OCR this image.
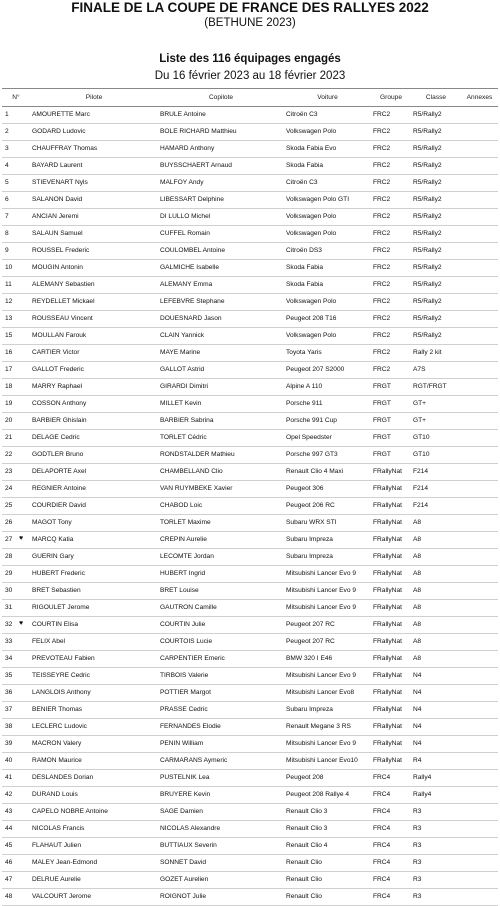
FINALE DE LA COUPE DE FRANCE DES RALLYES 2022
(BETHUNE 2023)
Liste des 116 équipages engagés
Du 16 février 2023 au 18 février 2023
N°	Pilote	Copilote	Voiture	Groupe	Classe	Annexes
1	AMOURETTE Marc	BRULE Antoine	Citroën C3	FRC2	R5/Rally2	
2	GODARD Ludovic	BOLE RICHARD Matthieu	Volkswagen Polo	FRC2	R5/Rally2	
3	CHAUFFRAY Thomas	HAMARD Anthony	Skoda Fabia Evo	FRC2	R5/Rally2	
4	BAYARD Laurent	BUYSSCHAERT Arnaud	Skoda Fabia	FRC2	R5/Rally2	
5	STIEVENART Nyls	MALFOY Andy	Citroën C3	FRC2	R5/Rally2	
6	SALANON David	LIBESSART Delphine	Volkswagen Polo GTI	FRC2	R5/Rally2	
7	ANCIAN Jeremi	DI LULLO Michel	Volkswagen Polo	FRC2	R5/Rally2	
8	SALAUN Samuel	CUFFEL Romain	Volkswagen Polo	FRC2	R5/Rally2	
9	ROUSSEL Frederic	COULOMBEL Antoine	Citroën DS3	FRC2	R5/Rally2	
10	MOUGIN Antonin	GALMICHE Isabelle	Skoda Fabia	FRC2	R5/Rally2	
11	ALEMANY Sebastien	ALEMANY Emma	Skoda Fabia	FRC2	R5/Rally2	
12	REYDELLET Mickael	LEFEBVRE Stephane	Volkswagen Polo	FRC2	R5/Rally2	
13	ROUSSEAU Vincent	DOUESNARD Jason	Peugeot 208 T16	FRC2	R5/Rally2	
15	MOULLAN Farouk	CLAIN Yannick	Volkswagen Polo	FRC2	R5/Rally2	
16	CARTIER Victor	MAYE Marine	Toyota Yaris	FRC2	Rally 2 kit	
17	GALLOT Frederic	GALLOT Astrid	Peugeot 207 S2000	FRC2	A7S	
18	MARRY Raphael	GIRARDI Dimitri	Alpine A 110	FRGT	RGT/FRGT	
19	COSSON Anthony	MILLET Kevin	Porsche 911	FRGT	GT+	
20	BARBIER Ghislain	BARBIER Sabrina	Porsche 991 Cup	FRGT	GT+	
21	DELAGE Cedric	TORLET Cédric	Opel Speedster	FRGT	GT10	
22	GODTLER Bruno	RONDSTALDER Mathieu	Porsche 997 GT3	FRGT	GT10	
23	DELAPORTE Axel	CHAMBELLAND Clio	Renault Clio 4 Maxi	FRallyNat	F214	
24	REGNIER Antoine	VAN RUYMBEKE Xavier	Peugeot 306	FRallyNat	F214	
25	COURDIER David	CHABOD Loic	Peugeot 206 RC	FRallyNat	F214	
26	MAGOT Tony	TORLET Maxime	Subaru WRX STI	FRallyNat	A8	
27 ♥	MARCQ Katia	CREPIN Aurelie	Subaru Impreza	FRallyNat	A8	
28	GUERIN Gary	LECOMTE Jordan	Subaru Impreza	FRallyNat	A8	
29	HUBERT Frederic	HUBERT Ingrid	Mitsubishi Lancer Evo 9	FRallyNat	A8	
30	BRET Sebastien	BRET Louise	Mitsubishi Lancer Evo 9	FRallyNat	A8	
31	RIGOULET Jerome	GAUTRON Camille	Mitsubishi Lancer Evo 9	FRallyNat	A8	
32 ♥	COURTIN Elisa	COURTIN Julie	Peugeot 207 RC	FRallyNat	A8	
33	FELIX Abel	COURTOIS Lucie	Peugeot 207 RC	FRallyNat	A8	
34	PREVOTEAU Fabien	CARPENTIER Emeric	BMW 320 I E46	FRallyNat	A8	
35	TEISSEYRE Cedric	TIRBOIS Valerie	Mitsubishi Lancer Evo 9	FRallyNat	N4	
36	LANGLOIS Anthony	POTTIER Margot	Mitsubishi Lancer Evo8	FRallyNat	N4	
37	BENIER Thomas	PRASSE Cedric	Subaru Impreza	FRallyNat	N4	
38	LECLERC Ludovic	FERNANDES Elodie	Renault Megane 3 RS	FRallyNat	N4	
39	MACRON Valery	PENIN William	Mitsubishi Lancer Evo 9	FRallyNat	N4	
40	RAMON Maurice	CARMARANS Aymeric	Mitsubishi Lancer Evo10	FRallyNat	R4	
41	DESLANDES Dorian	PUSTELNIK Lea	Peugeot 208	FRC4	Rally4	
42	DURAND Louis	BRUYERE Kevin	Peugeot 208 Rallye 4	FRC4	Rally4	
43	CAPELO NOBRE Antoine	SAGE Damien	Renault Clio 3	FRC4	R3	
44	NICOLAS Francis	NICOLAS Alexandre	Renault Clio 3	FRC4	R3	
45	FLAHAUT Julien	BUTTIAUX Severin	Renault Clio 4	FRC4	R3	
46	MALEY Jean-Edmond	SONNET David	Renault Clio	FRC4	R3	
47	DELRUE Aurelie	GOZET Aurelien	Renault Clio	FRC4	R3	
48	VALCOURT Jerome	ROIGNOT Julie	Renault Clio	FRC4	R3	
